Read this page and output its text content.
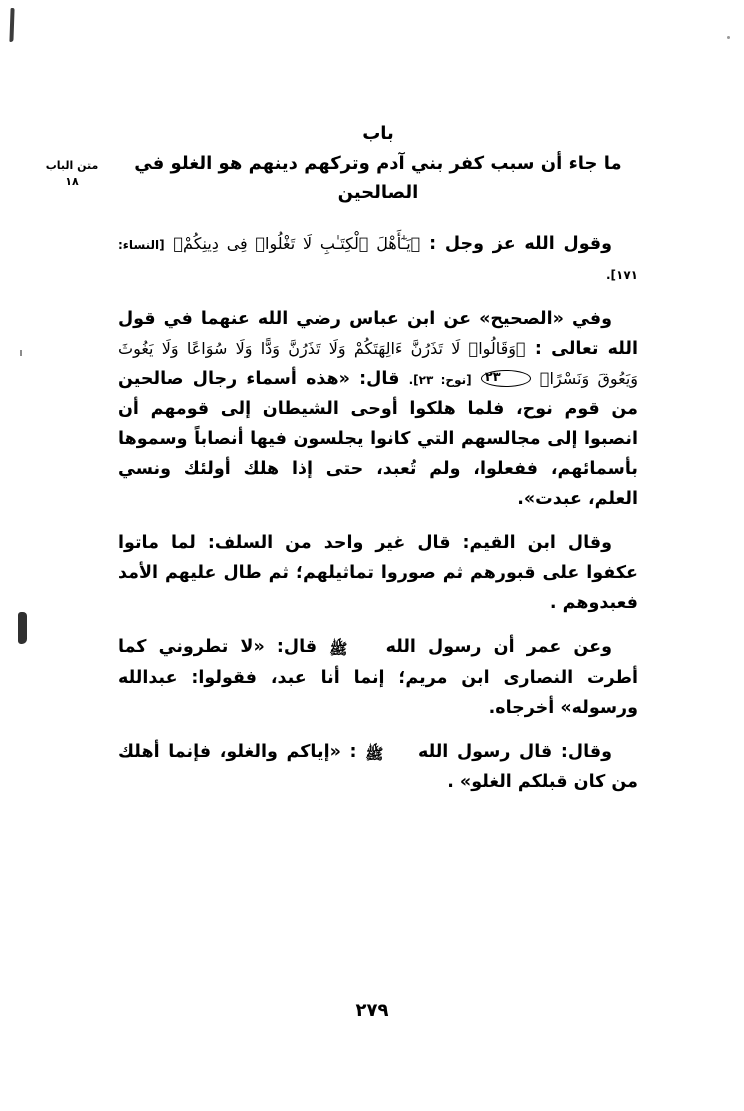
متن الباب
١٨
باب
ما جاء أن سبب كفر بني آدم وتركهم دينهم هو الغلو في الصالحين

وقول الله عز وجل : ﴿يَـٰٓأَهْلَ ٱلْكِتَـٰبِ لَا تَغْلُوا۟ فِى دِينِكُمْ﴾ [النساء: ١٧١].

وفي «الصحيح» عن ابن عباس رضي الله عنهما في قول الله تعالى : ﴿وَقَالُوا۟ لَا تَذَرُنَّ ءَالِهَتَكُمْ وَلَا تَذَرُنَّ وَدًّا وَلَا سُوَاعًا وَلَا يَغُوثَ وَيَعُوقَ وَنَسْرًا﴾ ٢٣ [نوح: ٢٣]. قال: «هذه أسماء رجال صالحين من قوم نوح، فلما هلكوا أوحى الشيطان إلى قومهم أن انصبوا إلى مجالسهم التي كانوا يجلسون فيها أنصاباً وسموها بأسمائهم، ففعلوا، ولم تُعبد، حتى إذا هلك أولئك ونسي العلم، عبدت».

وقال ابن القيم: قال غير واحد من السلف: لما ماتوا عكفوا على قبورهم ثم صوروا تماثيلهم؛ ثم طال عليهم الأمد فعبدوهم .

وعن عمر أن رسول الله ﷺ قال: «لا تطروني كما أطرت النصارى ابن مريم؛ إنما أنا عبد، فقولوا: عبدالله ورسوله» أخرجاه.

وقال: قال رسول الله ﷺ : «إياكم والغلو، فإنما أهلك من كان قبلكم الغلو» .

٢٧٩
